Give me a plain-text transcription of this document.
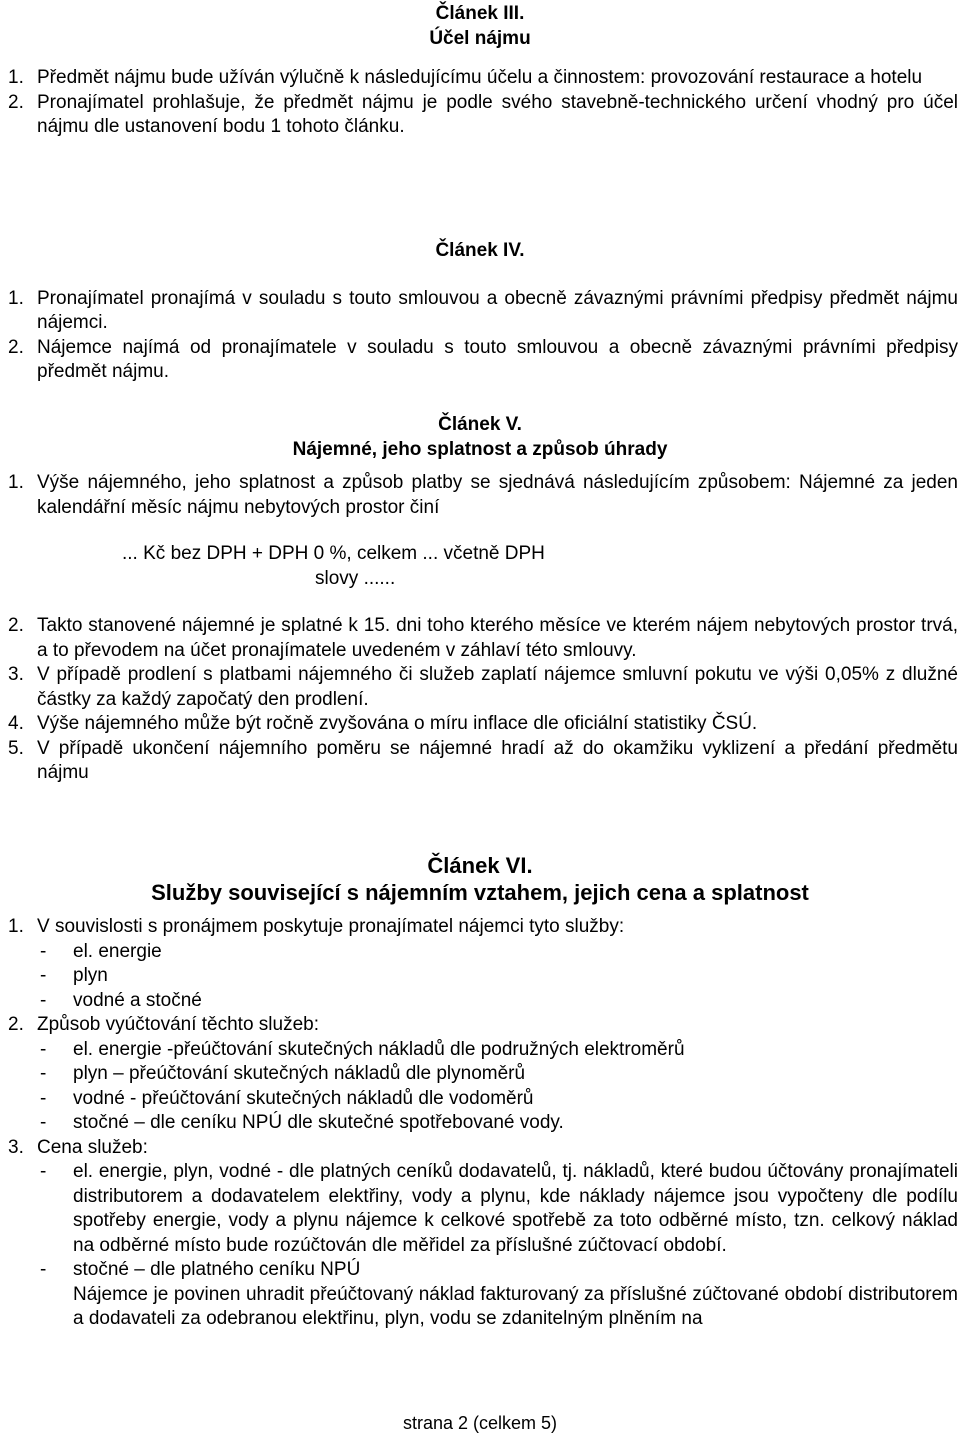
Článek III.

Účel nájmu

1. Předmět nájmu bude užíván výlučně k následujícímu účelu a činnostem: provozování restaurace a hotelu

2. Pronajímatel prohlašuje, že předmět nájmu je podle svého stavebně-technického určení vhodný pro účel nájmu dle ustanovení bodu 1 tohoto článku.

Článek IV.

1. Pronajímatel pronajímá v souladu s touto smlouvou a obecně závaznými právními předpisy předmět nájmu nájemci.

2. Nájemce najímá od pronajímatele v souladu s touto smlouvou a obecně závaznými právními předpisy předmět nájmu.

Článek V.

Nájemné, jeho splatnost a způsob úhrady

1. Výše nájemného, jeho splatnost a způsob platby se sjednává následujícím způsobem: Nájemné za jeden kalendářní měsíc nájmu nebytových prostor činí

... Kč bez DPH + DPH 0 %, celkem ... včetně DPH

slovy ......

2. Takto stanovené nájemné je splatné k 15. dni toho kterého měsíce ve kterém nájem nebytových prostor trvá, a to převodem na účet pronajímatele uvedeném v záhlaví této smlouvy.

3. V případě prodlení s platbami nájemného či služeb zaplatí nájemce smluvní pokutu ve výši 0,05% z dlužné částky za každý započatý den prodlení.

4. Výše nájemného může být ročně zvyšována o míru inflace dle oficiální statistiky ČSÚ.

5. V případě ukončení nájemního poměru se nájemné hradí až do okamžiku vyklizení a předání předmětu nájmu

Článek VI.

Služby související s nájemním vztahem, jejich cena a splatnost

1. V souvislosti s pronájmem poskytuje pronajímatel nájemci tyto služby:

- el. energie

- plyn

- vodné a stočné

2. Způsob vyúčtování těchto služeb:

- el. energie -přeúčtování skutečných nákladů dle podružných elektroměrů

- plyn – přeúčtování skutečných nákladů dle plynoměrů

- vodné - přeúčtování skutečných nákladů dle vodoměrů

- stočné – dle ceníku NPÚ dle skutečné spotřebované vody.

3. Cena služeb:

- el. energie, plyn, vodné - dle platných ceníků dodavatelů, tj. nákladů, které budou účtovány pronajímateli distributorem a dodavatelem elektřiny, vody a plynu, kde náklady nájemce jsou vypočteny dle podílu spotřeby energie, vody a plynu nájemce k celkové spotřebě za toto odběrné místo, tzn. celkový náklad na odběrné místo bude rozúčtován dle měřidel za příslušné zúčtovací období.

- stočné – dle platného ceníku NPÚ

Nájemce je povinen uhradit přeúčtovaný náklad fakturovaný za příslušné zúčtované období distributorem a dodavateli za odebranou elektřinu, plyn, vodu se zdanitelným plněním na

strana 2 (celkem 5)
